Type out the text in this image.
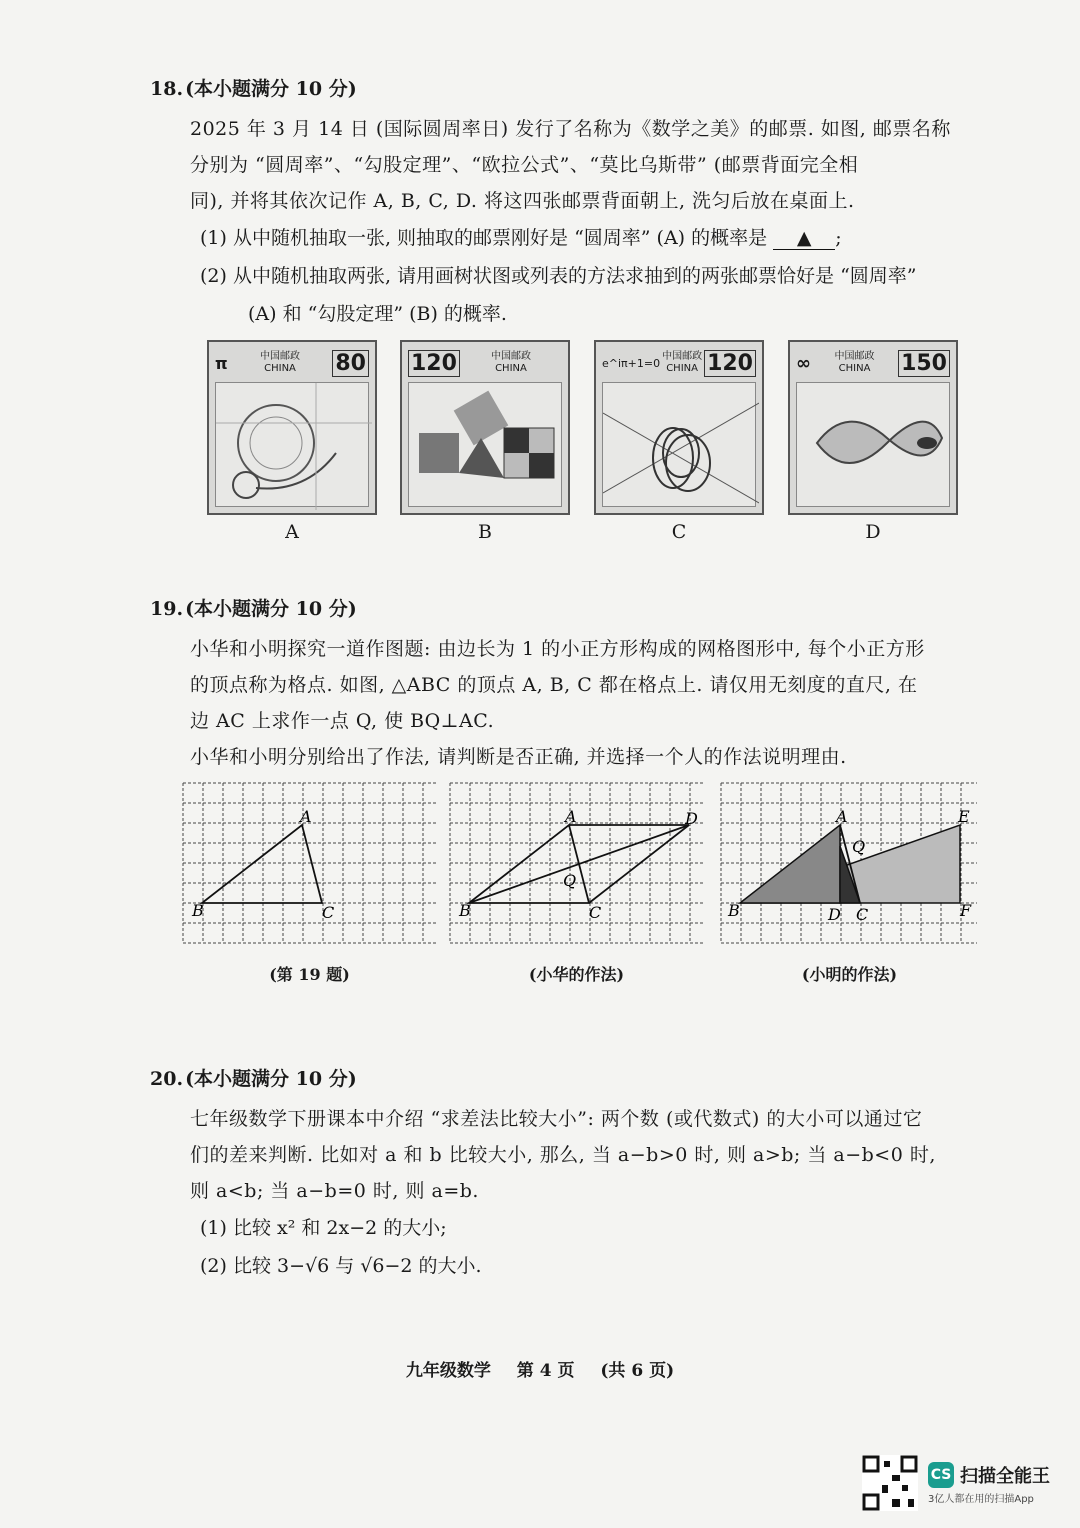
18. (本小题满分 10 分)
2025 年 3 月 14 日 (国际圆周率日) 发行了名称为《数学之美》的邮票. 如图, 邮票名称
分别为 “圆周率”、“勾股定理”、“欧拉公式”、“莫比乌斯带” (邮票背面完全相
同), 并将其依次记作 A, B, C, D. 将这四张邮票背面朝上, 洗匀后放在桌面上.
(1) 从中随机抽取一张, 则抽取的邮票刚好是 “圆周率” (A) 的概率是 ▲ ;
(2) 从中随机抽取两张, 请用画树状图或列表的方法求抽到的两张邮票恰好是 “圆周率”
(A) 和 “勾股定理” (B) 的概率.
π	中国邮政
CHINA 80 120	中国邮政
CHINA	e^iπ+1=0 中国邮政
CHINA 120 ∞ 中国邮政
CHINA 150
A	B	C	D
19. (本小题满分 10 分)
小华和小明探究一道作图题: 由边长为 1 的小正方形构成的网格图形中, 每个小正方形
的顶点称为格点. 如图, △ABC 的顶点 A, B, C 都在格点上. 请仅用无刻度的直尺, 在
边 AC 上求作一点 Q, 使 BQ⊥AC.
小华和小明分别给出了作法, 请判断是否正确, 并选择一个人的作法说明理由.
A
B	C
A	D
B	C
Q
A	E
B	D C	F
Q
(第 19 题)	(小华的作法)	(小明的作法)
20. (本小题满分 10 分)
七年级数学下册课本中介绍 “求差法比较大小”: 两个数 (或代数式) 的大小可以通过它
们的差来判断. 比如对 a 和 b 比较大小, 那么, 当 a−b>0 时, 则 a>b; 当 a−b<0 时,
则 a<b; 当 a−b=0 时, 则 a=b.
(1) 比较 x² 和 2x−2 的大小;
(2) 比较 3−√6 与 √6−2 的大小.
九年级数学 第 4 页 (共 6 页)
CS 扫描全能王
3亿人都在用的扫描App
